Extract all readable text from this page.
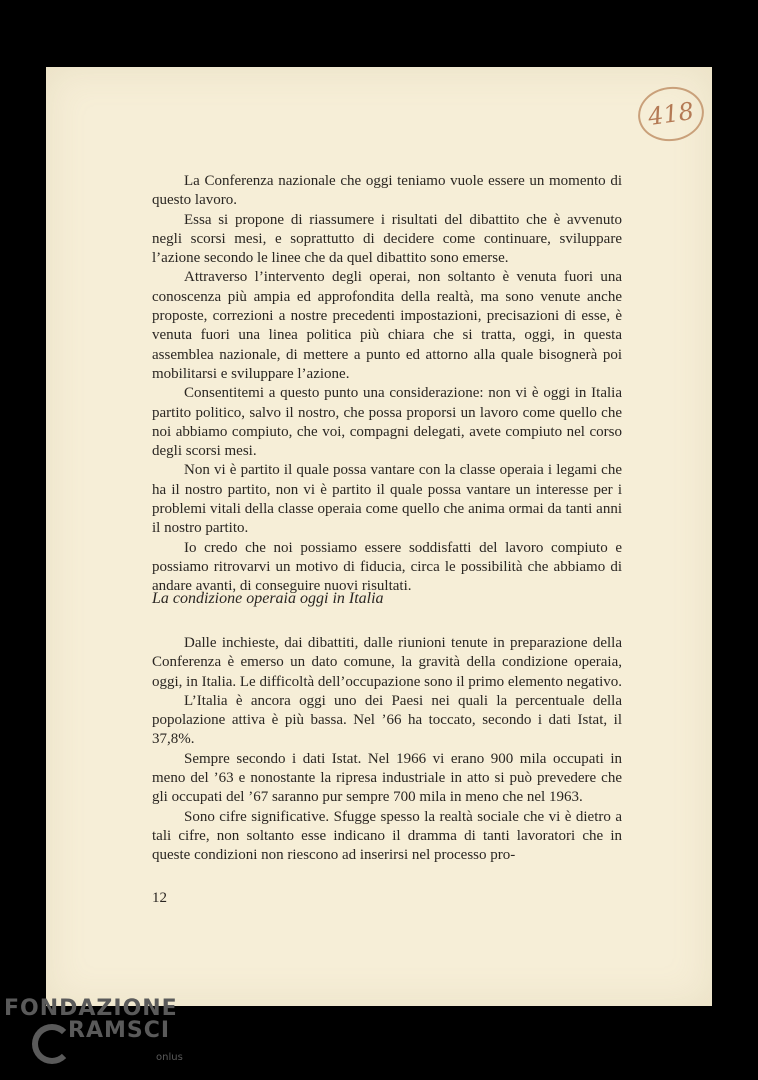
418

La Conferenza nazionale che oggi teniamo vuole essere un momento di questo lavoro.

Essa si propone di riassumere i risultati del dibattito che è avvenuto negli scorsi mesi, e soprattutto di decidere come continuare, sviluppare l’azione secondo le linee che da quel dibattito sono emerse.

Attraverso l’intervento degli operai, non soltanto è venuta fuori una conoscenza più ampia ed approfondita della realtà, ma sono venute anche proposte, correzioni a nostre precedenti impostazioni, precisazioni di esse, è venuta fuori una linea politica più chiara che si tratta, oggi, in questa assemblea nazionale, di mettere a punto ed attorno alla quale bisognerà poi mobilitarsi e sviluppare l’azione.

Consentitemi a questo punto una considerazione: non vi è oggi in Italia partito politico, salvo il nostro, che possa proporsi un lavoro come quello che noi abbiamo compiuto, che voi, compagni delegati, avete compiuto nel corso degli scorsi mesi.

Non vi è partito il quale possa vantare con la classe operaia i legami che ha il nostro partito, non vi è partito il quale possa vantare un interesse per i problemi vitali della classe operaia come quello che anima ormai da tanti anni il nostro partito.

Io credo che noi possiamo essere soddisfatti del lavoro compiuto e possiamo ritrovarvi un motivo di fiducia, circa le possibilità che abbiamo di andare avanti, di conseguire nuovi risultati.

La condizione operaia oggi in Italia

Dalle inchieste, dai dibattiti, dalle riunioni tenute in preparazione della Conferenza è emerso un dato comune, la gravità della condizione operaia, oggi, in Italia. Le difficoltà dell’occupazione sono il primo elemento negativo.

L’Italia è ancora oggi uno dei Paesi nei quali la percentuale della popolazione attiva è più bassa. Nel ’66 ha toccato, secondo i dati Istat, il 37,8%.

Sempre secondo i dati Istat. Nel 1966 vi erano 900 mila occupati in meno del ’63 e nonostante la ripresa industriale in atto si può prevedere che gli occupati del ’67 saranno pur sempre 700 mila in meno che nel 1963.

Sono cifre significative. Sfugge spesso la realtà sociale che vi è dietro a tali cifre, non soltanto esse indicano il dramma di tanti lavoratori che in queste condizioni non riescono ad inserirsi nel processo pro-

12
FONDAZIONE
RAMSCI
onlus
